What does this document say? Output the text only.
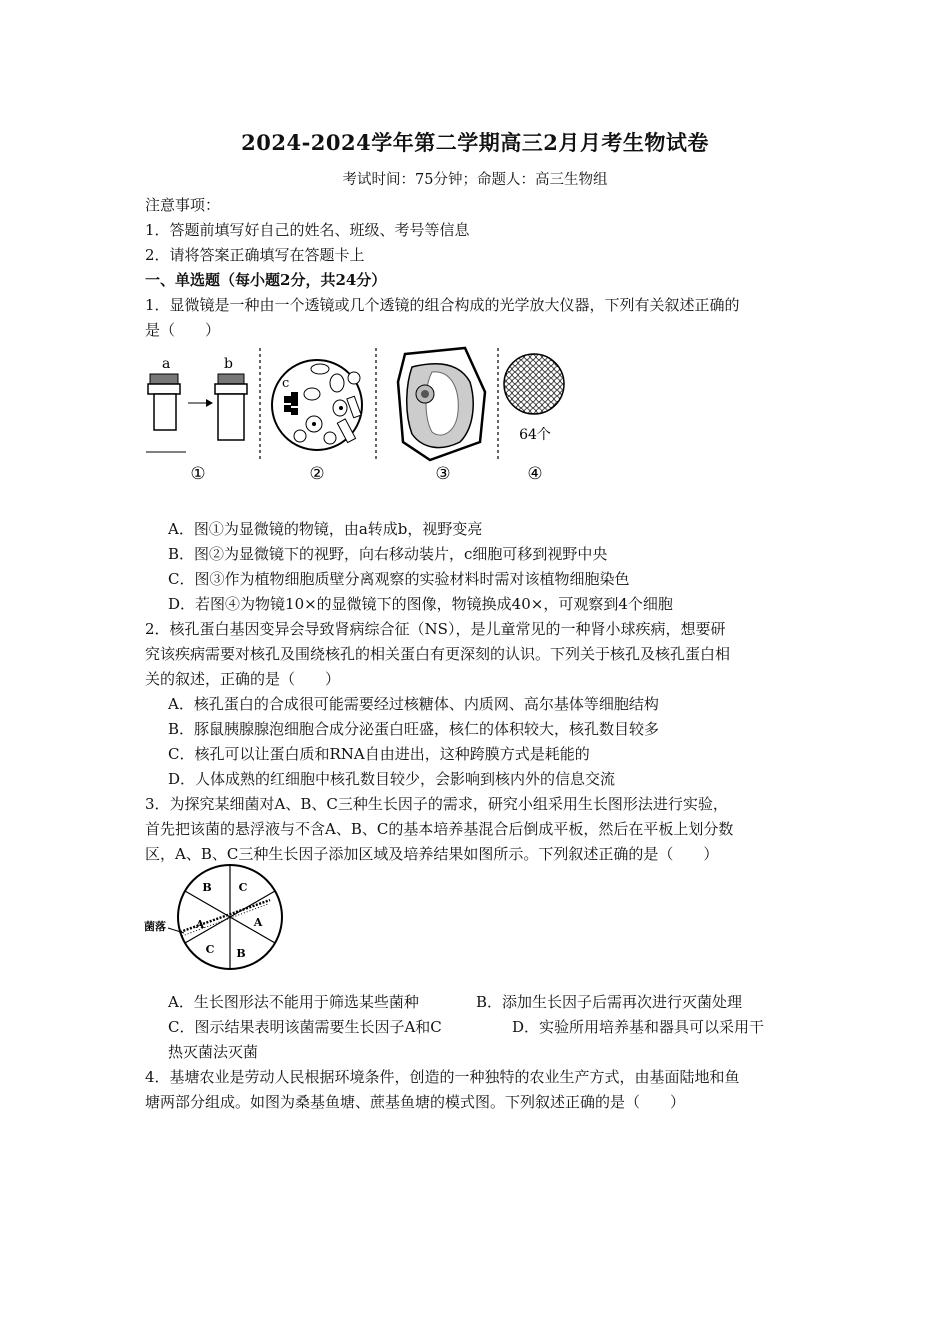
2024-2024学年第二学期高三2月月考生物试卷
考试时间：75分钟；命题人：高三生物组
注意事项：
1．答题前填写好自己的姓名、班级、考号等信息
2．请将答案正确填写在答题卡上
一、单选题（每小题2分，共24分）
1．显微镜是一种由一个透镜或几个透镜的组合构成的光学放大仪器，下列有关叙述正确的
是（　　）
a	b
①
c
②	③
64个
④
A．图①为显微镜的物镜，由a转成b，视野变亮
B．图②为显微镜下的视野，向右移动装片，c细胞可移到视野中央
C．图③作为植物细胞质壁分离观察的实验材料时需对该植物细胞染色
D．若图④为物镜10×的显微镜下的图像，物镜换成40×，可观察到4个细胞
2．核孔蛋白基因变异会导致肾病综合征（NS），是儿童常见的一种肾小球疾病，想要研
究该疾病需要对核孔及围绕核孔的相关蛋白有更深刻的认识。下列关于核孔及核孔蛋白相
关的叙述，正确的是（　　）
A．核孔蛋白的合成很可能需要经过核糖体、内质网、高尔基体等细胞结构
B．豚鼠胰腺腺泡细胞合成分泌蛋白旺盛，核仁的体积较大，核孔数目较多
C．核孔可以让蛋白质和RNA自由进出，这种跨膜方式是耗能的
D．人体成熟的红细胞中核孔数目较少，会影响到核内外的信息交流
3．为探究某细菌对A、B、C三种生长因子的需求，研究小组采用生长图形法进行实验，
首先把该菌的悬浮液与不含A、B、C的基本培养基混合后倒成平板，然后在平板上划分数
区，A、B、C三种生长因子添加区域及培养结果如图所示。下列叙述正确的是（　　）
菌落
B C
A	A
C B
A．生长图形法不能用于筛选某些菌种	B．添加生长因子后需再次进行灭菌处理
C．图示结果表明该菌需要生长因子A和C	D．实验所用培养基和器具可以采用干
热灭菌法灭菌
4．基塘农业是劳动人民根据环境条件，创造的一种独特的农业生产方式，由基面陆地和鱼
塘两部分组成。如图为桑基鱼塘、蔗基鱼塘的模式图。下列叙述正确的是（　　）
